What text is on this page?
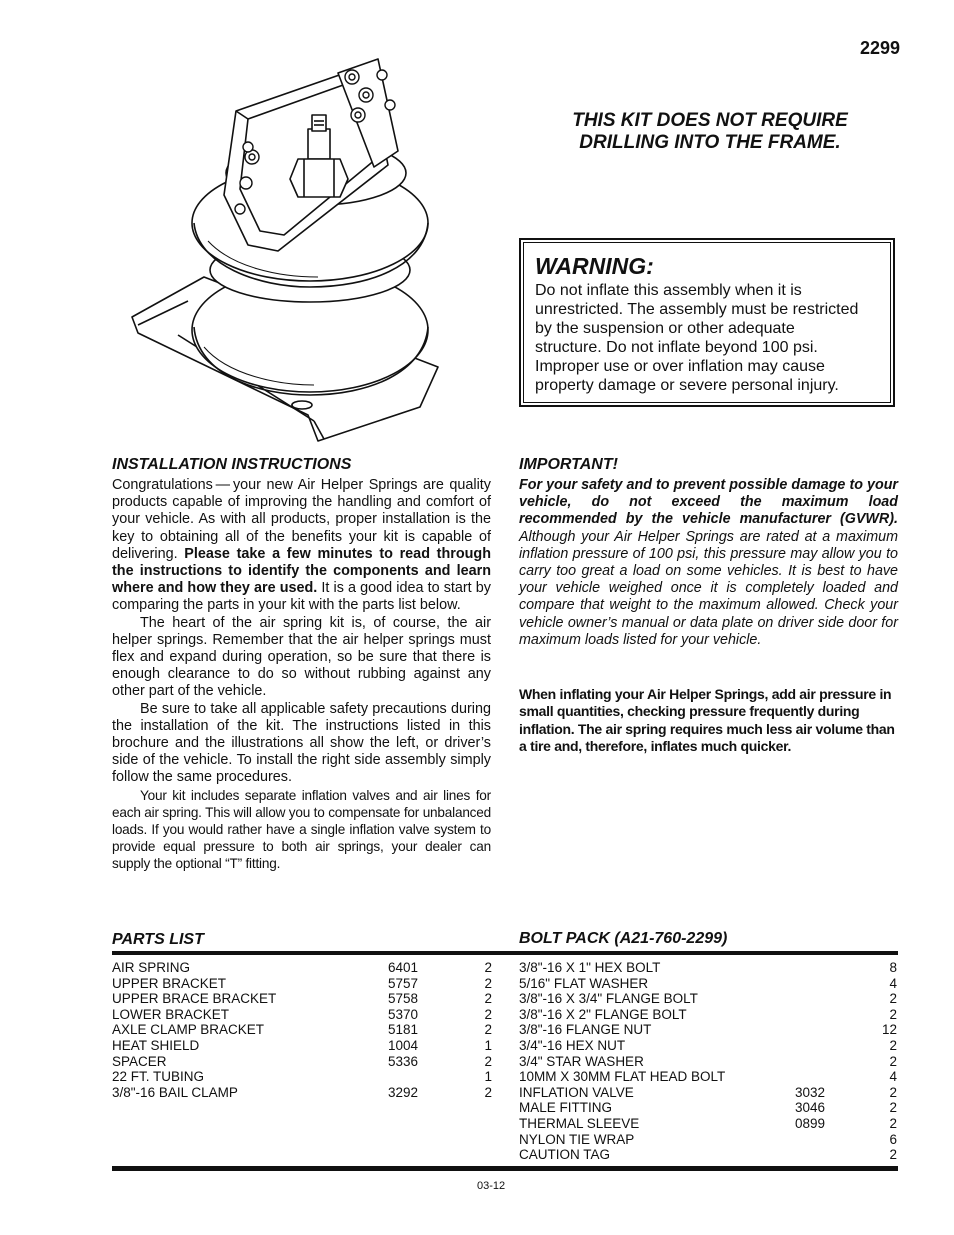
2299
THIS KIT DOES NOT REQUIRE
DRILLING INTO THE FRAME.
WARNING:
Do not inflate this assembly when it is
unrestricted. The assembly must be restricted
by the suspension or other adequate
structure. Do not inflate beyond 100 psi.
Improper use or over inflation may cause
property damage or severe personal injury.
INSTALLATION INSTRUCTIONS

Congratulations — your new Air Helper Springs are quality products capable of improving the handling and comfort of your vehicle. As with all products, proper installation is the key to obtaining all of the benefits your kit is capable of delivering. Please take a few minutes to read through the instructions to identify the components and learn where and how they are used. It is a good idea to start by comparing the parts in your kit with the parts list below.

The heart of the air spring kit is, of course, the air helper springs. Remember that the air helper springs must flex and expand during operation, so be sure that there is enough clearance to do so without rubbing against any other part of the vehicle.

Be sure to take all applicable safety precautions during the installation of the kit. The instructions listed in this brochure and the illustrations all show the left, or driver’s side of the vehicle. To install the right side assembly simply follow the same procedures.

Your kit includes separate inflation valves and air lines for each air spring. This will allow you to compensate for unbalanced loads. If you would rather have a single inflation valve system to provide equal pressure to both air springs, your dealer can supply the optional “T” fitting.

IMPORTANT!
For your safety and to prevent possible damage to your vehicle, do not exceed the maximum load recommended by the vehicle manufacturer (GVWR). Although your Air Helper Springs are rated at a maximum inflation pressure of 100 psi, this pressure may allow you to carry too great a load on some vehicles. It is best to have your vehicle weighed once it is completely loaded and compare that weight to the maximum allowed. Check your vehicle owner’s manual or data plate on driver side door for maximum loads listed for your vehicle.
When inflating your Air Helper Springs, add air pressure in small quantities, checking pressure frequently during inflation. The air spring requires much less air volume than a tire and, therefore, inflates much quicker.
PARTS LIST	BOLT PACK (A21-760-2299)
AIR SPRING	6401	2
UPPER BRACKET	5757	2
UPPER BRACE BRACKET	5758	2
LOWER BRACKET	5370	2
AXLE CLAMP BRACKET	5181	2
HEAT SHIELD	1004	1
SPACER	5336	2
22 FT. TUBING	1
3/8"-16 BAIL CLAMP	3292	2
3/8"-16 X 1" HEX BOLT	8
5/16" FLAT WASHER	4
3/8"-16 X 3/4" FLANGE BOLT	2
3/8"-16 X 2" FLANGE BOLT	2
3/8"-16 FLANGE NUT	12
3/4"-16 HEX NUT	2
3/4" STAR WASHER	2
10MM X 30MM FLAT HEAD BOLT	4
INFLATION VALVE	3032	2
MALE FITTING	3046	2
THERMAL SLEEVE	0899	2
NYLON TIE WRAP	6
CAUTION TAG	2
03-12
